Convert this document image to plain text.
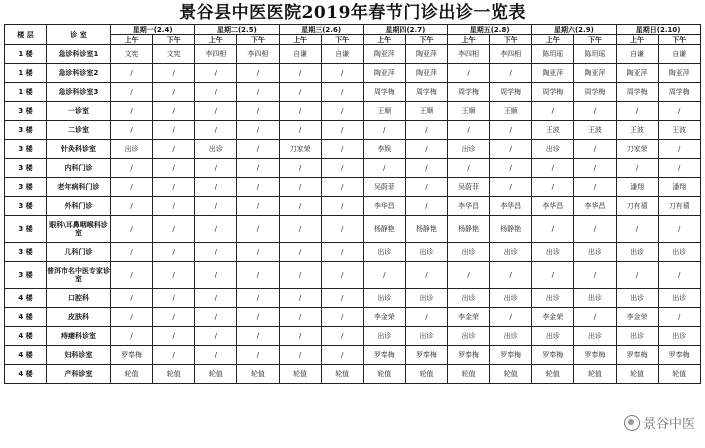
景谷县中医医院2019年春节门诊出诊一览表
楼 层	诊 室	星期一(2.4)		星期二(2.5)		星期三(2.6)		星期四(2.7)		星期五(2.8)		星期六(2.9)		星期日(2.10)	
		上午	下午	上午	下午	上午	下午	上午	下午	上午	下午	上午	下午	上午	下午
1 楼	急诊科诊室1	文宪	文宪	李四相	李四相	自谦	自谦	陶亚萍	陶亚萍	李四相	李四相	陈玥瑶	陈玥瑶	自谦	自谦
1 楼	急诊科诊室2	/	/	/	/	/	/	陶亚萍	陶亚萍	/	/	陶亚萍	陶亚萍	陶亚萍	陶亚萍
1 楼	急诊科诊室3	/	/	/	/	/	/	周学梅	周学梅	周学梅	周学梅	周学梅	周学梅	周学梅	周学梅
3 楼	一诊室	/	/	/	/	/	/	王顺	王顺	王顺	王顺	/	/	/	/
3 楼	二诊室	/	/	/	/	/	/	/	/	/	/	王波	王波	王波	王波
3 楼	针灸科诊室	出诊	/	出诊	/	刀家荣	/	李娱	/	出诊	/	出诊	/	刀家荣	/
3 楼	内科门诊	/	/	/	/	/	/	/	/	/	/	/	/	/	/
3 楼	老年病科门诊	/	/	/	/	/	/	吴蔚菲	/	吴蔚菲	/	/	/	潘翔	潘翔
3 楼	外科门诊	/	/	/	/	/	/	李华昌	/	李华昌	李华昌	李华昌	李华昌	刀有禧	刀有禧
3 楼	眼科\耳鼻咽喉科诊室	/	/	/	/	/	/	杨静艳	杨静艳	杨静艳	杨静艳	/	/	/	/
3 楼	儿科门诊	/	/	/	/	/	/	出诊	出诊	出诊	出诊	出诊	出诊	出诊	出诊
3 楼	普洱市名中医专家诊室	/	/	/	/	/	/	/	/	/	/	/	/	/	/
4 楼	口腔科	/	/	/	/	/	/	出诊	出诊	出诊	出诊	出诊	出诊	出诊	出诊
4 楼	皮肤科	/	/	/	/	/	/	李金荣	/	李金荣	/	李金荣	/	李金荣	/
4 楼	痔瘘科诊室	/	/	/	/	/	/	出诊	出诊	出诊	出诊	出诊	出诊	出诊	出诊
4 楼	妇科诊室	罗奉梅	/	/	/	/	/	罗奉梅	罗奉梅	罗奉梅	罗奉梅	罗奉梅	罗奉梅	罗奉梅	罗奉梅
4 楼	产科诊室	轮值	轮值	轮值	轮值	轮值	轮值	轮值	轮值	轮值	轮值	轮值	轮值	轮值	轮值
景谷中医
